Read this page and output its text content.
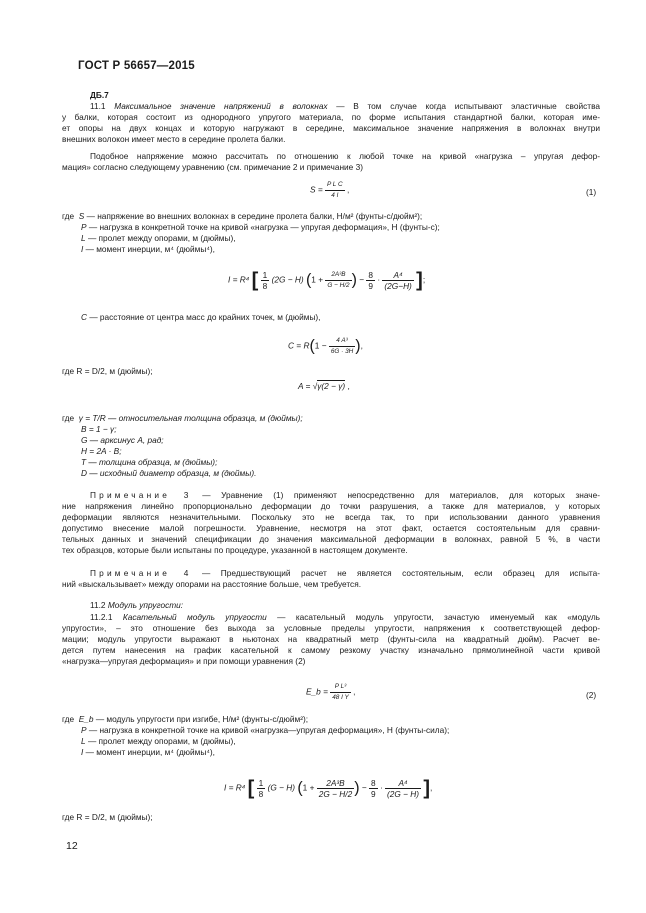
ГОСТ Р 56657—2015
ДБ.7
11.1 Максимальное значение напряжений в волокнах — В том случае когда испытывают эластичные свойства
у балки, которая состоит из однородного упругого материала, по форме испытания стандартной балки, которая име-
ет опоры на двух концах и которую нагружают в середине, максимальное значение напряжения в волокнах внутри
внешних волокон имеет место в середине пролета балки.
Подобное напряжение можно рассчитать по отношению к любой точке на кривой «нагрузка – упругая дефор-
мация» согласно следующему уравнению (см. примечание 2 и примечание 3)
$S = \frac{\text{P L C}}{4 I}$ ,	(1)
где S — напряжение во внешних волокнах в середине пролета балки, Н/м² (фунты-с/дюйм²);
P — нагрузка в конкретной точке на кривой «нагрузка — упругая деформация», Н (фунты-с);
L — пролет между опорами, м (дюймы),
I — момент инерции, м⁴ (дюймы⁴),
I = R⁴ [ $\frac{1}{8} (2G - H) (1 + \frac{\text{2A³B}}{G - H/2}$ ) − $\frac{8}{9} \cdot \frac{\text{A⁴}}{(2G-H)}$ ];
C — расстояние от центра масс до крайних точек, м (дюймы),
$C = R(1 - \frac{\text{4 A³}}{6G \cdot 3H}$ ),
где R = D/2, м (дюймы);
A = √γ(2 − γ) ,
где γ = T/R — относительная толщина образца, м (дюймы);
B = 1 − γ;
G — арксинус A, рад;
H = 2A · B;
T — толщина образца, м (дюймы);
D — исходный диаметр образца, м (дюймы).
Примечание 3 — Уравнение (1) применяют непосредственно для материалов, для которых значе-
ние напряжения линейно пропорционально деформации до точки разрушения, а также для материалов, у которых
деформации являются незначительными. Поскольку это не всегда так, то при использовании данного уравнения
допустимо внесение малой погрешности. Уравнение, несмотря на этот факт, остается состоятельным для сравни-
тельных данных и значений спецификации до значения максимальной деформации в волокнах, равной 5 %, в части
тех образцов, которые были испытаны по процедуре, указанной в настоящем документе.
Примечание 4 — Предшествующий расчет не является состоятельным, если образец для испыта-
ний «выскальзывает» между опорами на расстояние больше, чем требуется.
11.2 Модуль упругости:
11.2.1 Касательный модуль упругости — касательный модуль упругости, зачастую именуемый как «модуль
упругости», – это отношение без выхода за условные пределы упругости, напряжения к соответствующей дефор-
мации; модуль упругости выражают в ньютонах на квадратный метр (фунты-сила на квадратный дюйм). Расчет ве-
дется путем нанесения на график касательной к самому резкому участку изначально прямолинейной части кривой
«нагрузка—упругая деформация» и при помощи уравнения (2)
E_b = $\frac{\text{P L³}}{\text{48 I Y}}$ ,	(2)
где E_b — модуль упругости при изгибе, Н/м² (фунты-с/дюйм²);
P — нагрузка в конкретной точке на кривой «нагрузка—упругая деформация», Н (фунты-сила);
L — пролет между опорами, м (дюймы),
I — момент инерции, м⁴ (дюймы⁴),
I = R⁴ [ $\frac{1}{8} (G - H) (1 + \frac{\text{2A³B}}{2G - H/2}$ ) − $\frac{8}{9} \cdot \frac{\text{A⁴}}{(2G - H)}$ ],
где R = D/2, м (дюймы);
12
